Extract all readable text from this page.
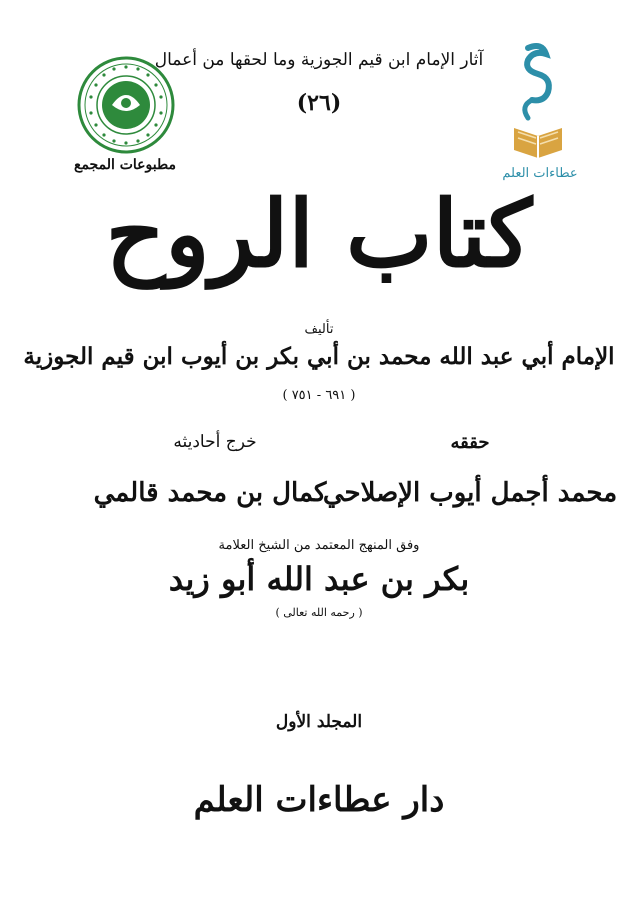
مطبوعات المجمع
عطاءات العلم
آثار الإمام ابن قيم الجوزية وما لحقها من أعمال
(٢٦)
كتاب الروح
تأليف
الإمام أبي عبد الله محمد بن أبي بكر بن أيوب ابن قيم الجوزية
( ٦٩١ - ٧٥١ )
حققه
محمد أجمل أيوب الإصلاحي
خرج أحاديثه
كمال بن محمد قالمي
وفق المنهج المعتمد من الشيخ العلامة
بكر بن عبد الله أبو زيد
( رحمه الله تعالى )
المجلد الأول
دار عطاءات العلم
